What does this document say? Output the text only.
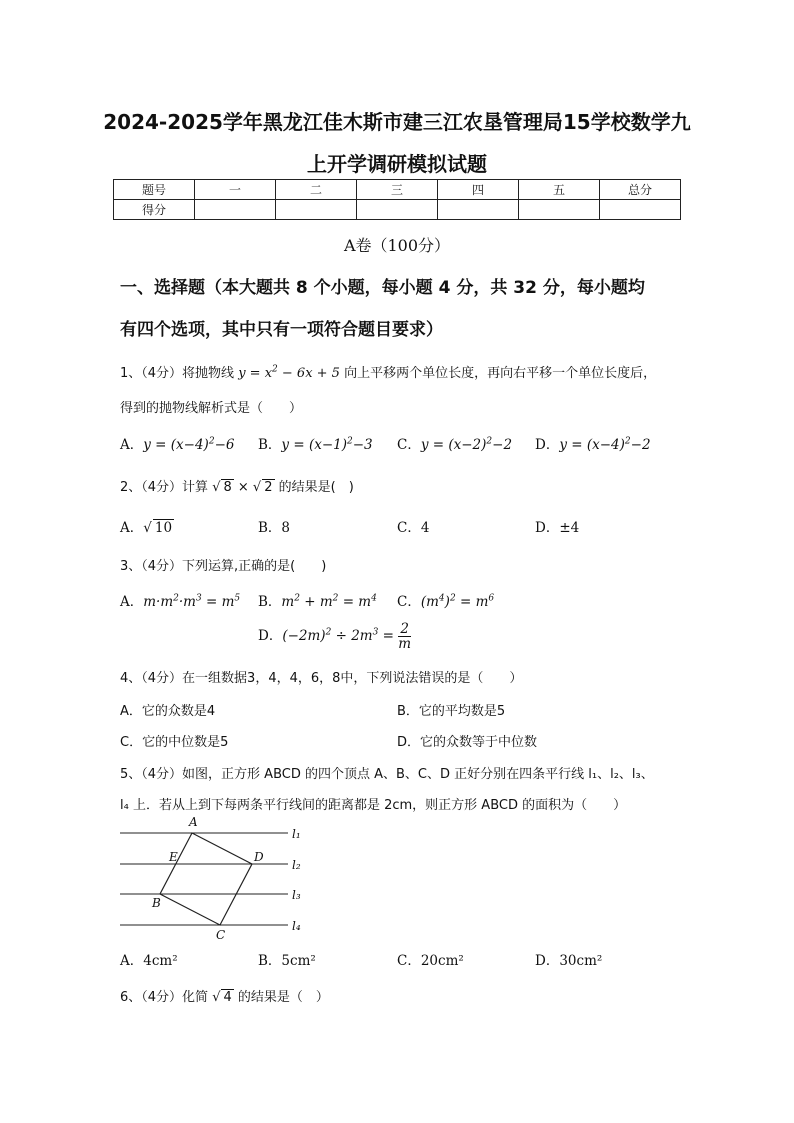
2024-2025学年黑龙江佳木斯市建三江农垦管理局15学校数学九
上开学调研模拟试题
题号	一	二	三	四	五	总分
得分						
A卷（100分）
一、选择题（本大题共 8 个小题，每小题 4 分，共 32 分，每小题均
有四个选项，其中只有一项符合题目要求）
1、（4分）将抛物线 $y = x^2 - 6x + 5$ 向上平移两个单位长度，再向右平移一个单位长度后，
得到的抛物线解析式是（　　）
A．$y = (x-4)^2-6$ B．$y = (x-1)^2-3$ C．$y = (x-2)^2-2$ D．$y = (x-4)^2-2$
2、（4分）计算 √ 8 × √ 2 的结果是(　)
A．√ 10	B．8	C．4	D．±4
3、（4分）下列运算,正确的是(　　)
A．$m\cdot m^2\cdot m^3 = m^5$ B．$m^2 + m^2 = m^4$ C．$(m^4)^2 = m^6$
D．$(-2m)^2 \div 2m^3 = \frac{2}{m}$
4、（4分）在一组数据3，4，4，6，8中，下列说法错误的是（　　）
A．它的众数是4	B．它的平均数是5
C．它的中位数是5	D．它的众数等于中位数
5、（4分）如图，正方形 ABCD 的四个顶点 A、B、C、D 正好分别在四条平行线 l₁、l₂、l₃、
l₄ 上．若从上到下每两条平行线间的距离都是 2cm，则正方形 ABCD 的面积为（　　）
A
B
C
D
E
l₁
l₂
l₃
l₄
A．4cm²	B．5cm²	C．20cm²	D．30cm²
6、（4分）化简 √ 4 的结果是（　）
